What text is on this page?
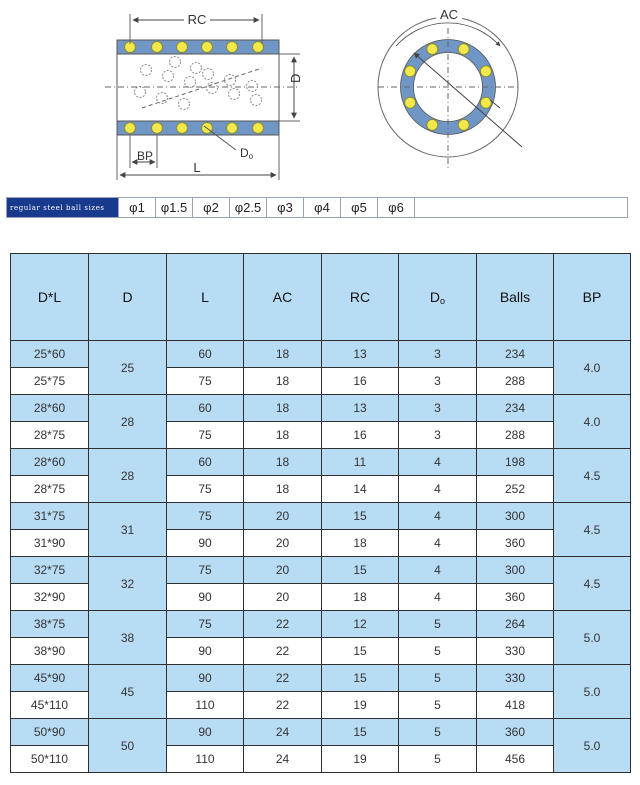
RC
D
BP
L
Do
AC
regular steel ball sizes	φ1	φ1.5	φ2	φ2.5	φ3	φ4	φ5	φ6
D*L	D	L	AC	RC	Do	Balls	BP
25*60	25	60	18	13	3	234	4.0
25*75		75	18	16	3	288	
28*60	28	60	18	13	3	234	4.0
28*75		75	18	16	3	288	
28*60	28	60	18	11	4	198	4.5
28*75		75	18	14	4	252	
31*75	31	75	20	15	4	300	4.5
31*90		90	20	18	4	360	
32*75	32	75	20	15	4	300	4.5
32*90		90	20	18	4	360	
38*75	38	75	22	12	5	264	5.0
38*90		90	22	15	5	330	
45*90	45	90	22	15	5	330	5.0
45*110		110	22	19	5	418	
50*90	50	90	24	15	5	360	5.0
50*110		110	24	19	5	456	
